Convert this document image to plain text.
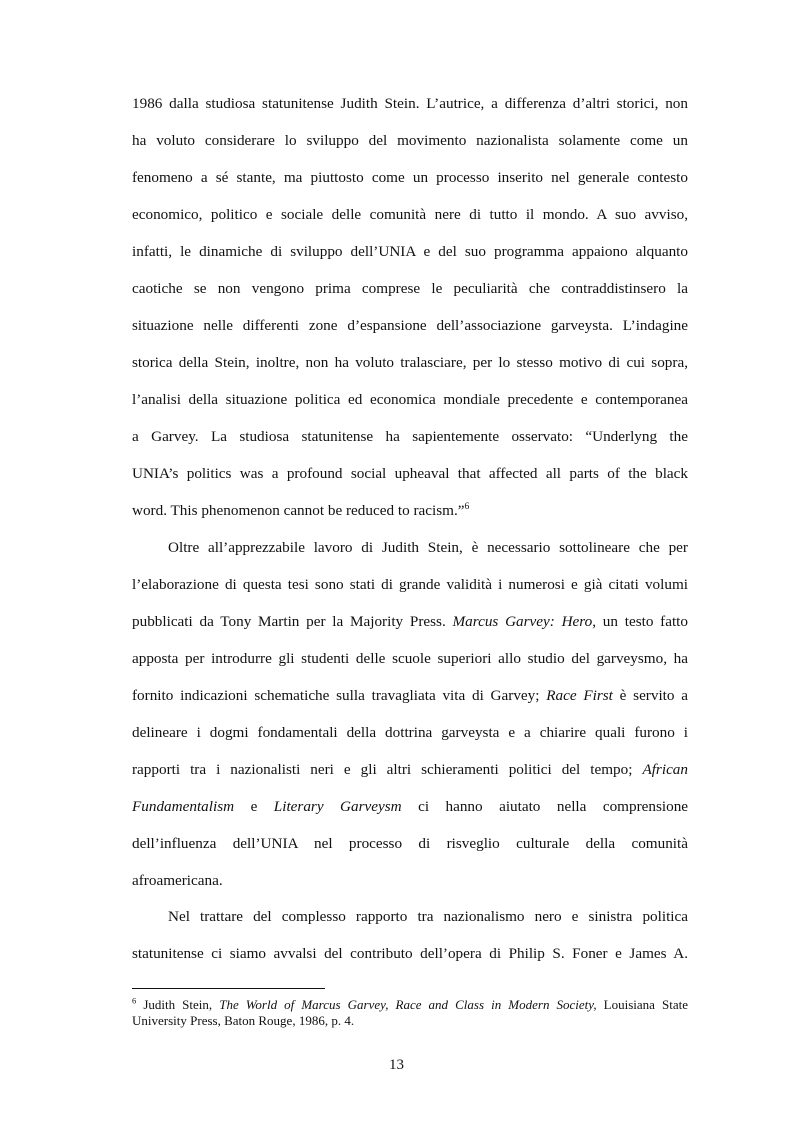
1986 dalla studiosa statunitense Judith Stein. L’autrice, a differenza d’altri storici, non
ha voluto considerare lo sviluppo del movimento nazionalista solamente come un
fenomeno a sé stante, ma piuttosto come un processo inserito nel generale contesto
economico, politico e sociale delle comunità nere di tutto il mondo. A suo avviso,
infatti, le dinamiche di sviluppo dell’UNIA e del suo programma appaiono alquanto
caotiche se non vengono prima comprese le peculiarità che contraddistinsero la
situazione nelle differenti zone d’espansione dell’associazione garveysta. L’indagine
storica della Stein, inoltre, non ha voluto tralasciare, per lo stesso motivo di cui sopra,
l’analisi della situazione politica ed economica mondiale precedente e contemporanea
a Garvey. La studiosa statunitense ha sapientemente osservato: “Underlyng the
UNIA’s politics was a profound social upheaval that affected all parts of the black
word. This phenomenon cannot be reduced to racism.”$^6$
Oltre all’apprezzabile lavoro di Judith Stein, è necessario sottolineare che per
l’elaborazione di questa tesi sono stati di grande validità i numerosi e già citati volumi
pubblicati da Tony Martin per la Majority Press. Marcus Garvey: Hero, un testo fatto
apposta per introdurre gli studenti delle scuole superiori allo studio del garveysmo, ha
fornito indicazioni schematiche sulla travagliata vita di Garvey; Race First è servito a
delineare i dogmi fondamentali della dottrina garveysta e a chiarire quali furono i
rapporti tra i nazionalisti neri e gli altri schieramenti politici del tempo; African
Fundamentalism e Literary Garveysm ci hanno aiutato nella comprensione
dell’influenza dell’UNIA nel processo di risveglio culturale della comunità
afroamericana.
Nel trattare del complesso rapporto tra nazionalismo nero e sinistra politica
statunitense ci siamo avvalsi del contributo dell’opera di Philip S. Foner e James A.
$^6$ Judith Stein, The World of Marcus Garvey, Race and Class in Modern Society, Louisiana State
University Press, Baton Rouge, 1986, p. 4.
13
